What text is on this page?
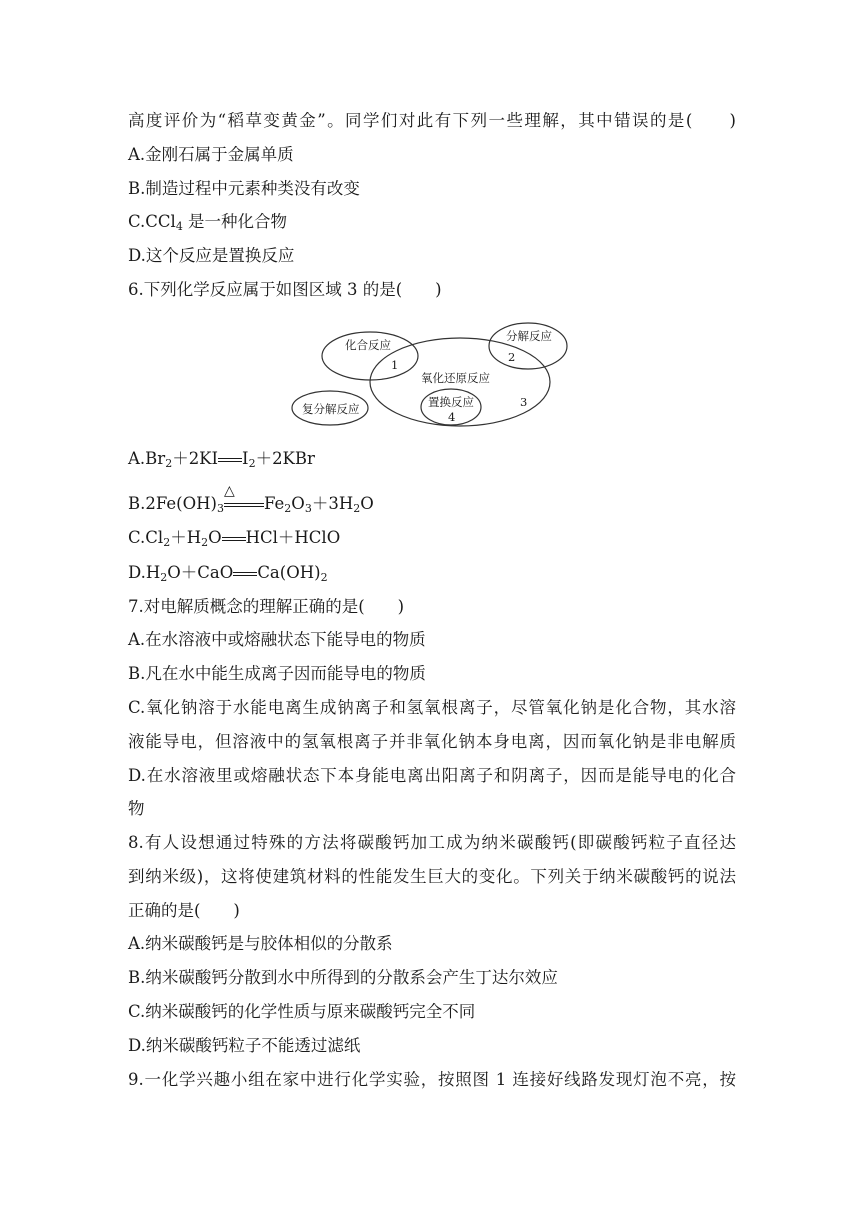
高度评价为“稻草变黄金”。同学们对此有下列一些理解，其中错误的是(　　)
A.金刚石属于金属单质
B.制造过程中元素种类没有改变
C.CCl$_4$ 是一种化合物
D.这个反应是置换反应
6.下列化学反应属于如图区域 3 的是(　　)
化合反应
1
分解反应
2
氧化还原反应
复分解反应	置换反应
4
3
$A.Br_2+2KI$ $I_2+2KBr$
△
$B.2Fe(OH)_3$ $Fe_2O_3+3H_2O$
$C.Cl_2+H_2O$ HCl＋HClO
$D.H_2O+CaO$ $Ca(OH)_2$
7.对电解质概念的理解正确的是(　　)
A.在水溶液中或熔融状态下能导电的物质
B.凡在水中能生成离子因而能导电的物质
C.氧化钠溶于水能电离生成钠离子和氢氧根离子，尽管氧化钠是化合物，其水溶
液能导电，但溶液中的氢氧根离子并非氧化钠本身电离，因而氧化钠是非电解质
D.在水溶液里或熔融状态下本身能电离出阳离子和阴离子，因而是能导电的化合
物
8.有人设想通过特殊的方法将碳酸钙加工成为纳米碳酸钙(即碳酸钙粒子直径达
到纳米级)，这将使建筑材料的性能发生巨大的变化。下列关于纳米碳酸钙的说法
正确的是(　　)
A.纳米碳酸钙是与胶体相似的分散系
B.纳米碳酸钙分散到水中所得到的分散系会产生丁达尔效应
C.纳米碳酸钙的化学性质与原来碳酸钙完全不同
D.纳米碳酸钙粒子不能透过滤纸
9.一化学兴趣小组在家中进行化学实验，按照图 1 连接好线路发现灯泡不亮，按
